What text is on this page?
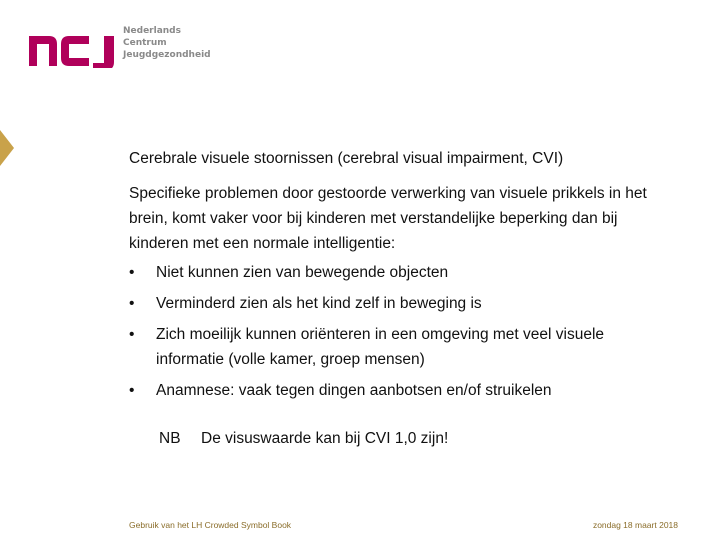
Nederlands
Centrum
Jeugdgezondheid

Cerebrale visuele stoornissen (cerebral visual impairment, CVI)

Specifieke problemen door gestoorde verwerking van visuele prikkels in het brein, komt vaker voor bij kinderen met verstandelijke beperking dan bij kinderen met een normale intelligentie:

• Niet kunnen zien van bewegende objecten
• Verminderd zien als het kind zelf in beweging is
• Zich moeilijk kunnen oriënteren in een omgeving met veel visuele informatie (volle kamer, groep mensen)
• Anamnese: vaak tegen dingen aanbotsen en/of struikelen
NB De visuswaarde kan bij CVI 1,0 zijn!
Gebruik van het LH Crowded Symbol Book	zondag 18 maart 2018
